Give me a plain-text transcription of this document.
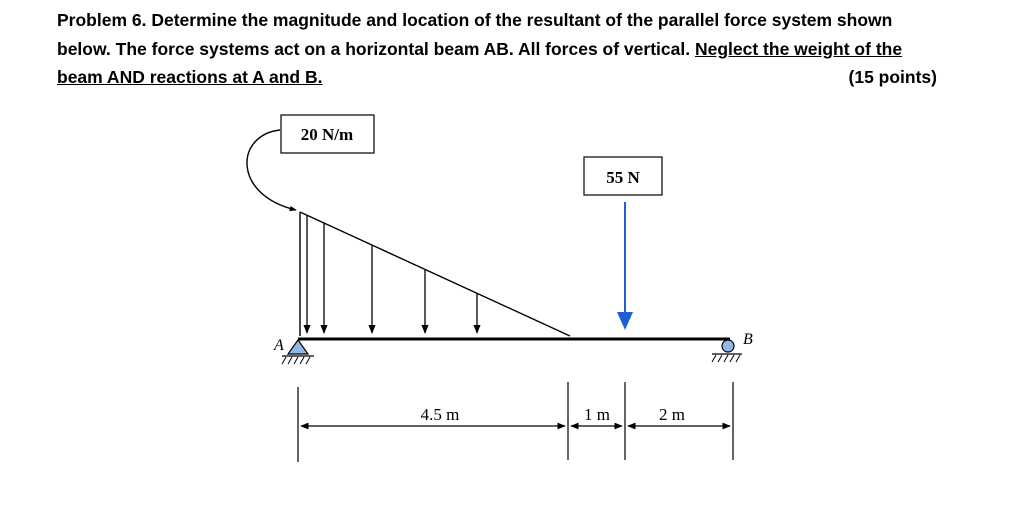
Problem 6. Determine the magnitude and location of the resultant of the parallel force system shown below. The force systems act on a horizontal beam AB. All forces of vertical. Neglect the weight of the beam AND reactions at A and B.	(15 points)
20 N/m
55 N
A	B
4.5 m	1 m	2 m
